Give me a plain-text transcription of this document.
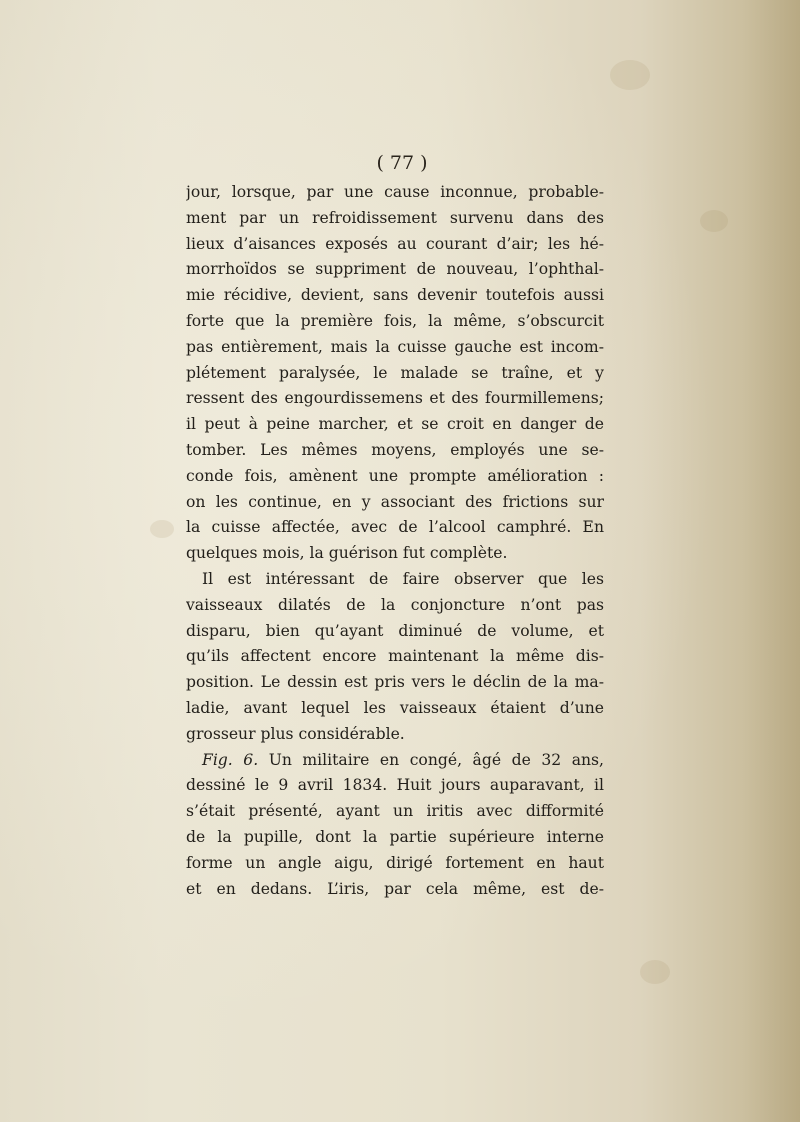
( 77 )
jour, lorsque, par une cause inconnue, probable-
ment par un refroidissement survenu dans des
lieux d’aisances exposés au courant d’air; les hé-
morrhoïdos se suppriment de nouveau, l’ophthal-
mie récidive, devient, sans devenir toutefois aussi
forte que la première fois, la même, s’obscurcit
pas entièrement, mais la cuisse gauche est incom-
plétement paralysée, le malade se traîne, et y
ressent des engourdissemens et des fourmillemens;
il peut à peine marcher, et se croit en danger de
tomber. Les mêmes moyens, employés une se-
conde fois, amènent une prompte amélioration :
on les continue, en y associant des frictions sur
la cuisse affectée, avec de l’alcool camphré. En
quelques mois, la guérison fut complète.
Il est intéressant de faire observer que les
vaisseaux dilatés de la conjoncture n’ont pas
disparu, bien qu’ayant diminué de volume, et
qu’ils affectent encore maintenant la même dis-
position. Le dessin est pris vers le déclin de la ma-
ladie, avant lequel les vaisseaux étaient d’une
grosseur plus considérable.
Fig. 6. Un militaire en congé, âgé de 32 ans,
dessiné le 9 avril 1834. Huit jours auparavant, il
s’était présenté, ayant un iritis avec difformité
de la pupille, dont la partie supérieure interne
forme un angle aigu, dirigé fortement en haut
et en dedans. L’iris, par cela même, est de-
